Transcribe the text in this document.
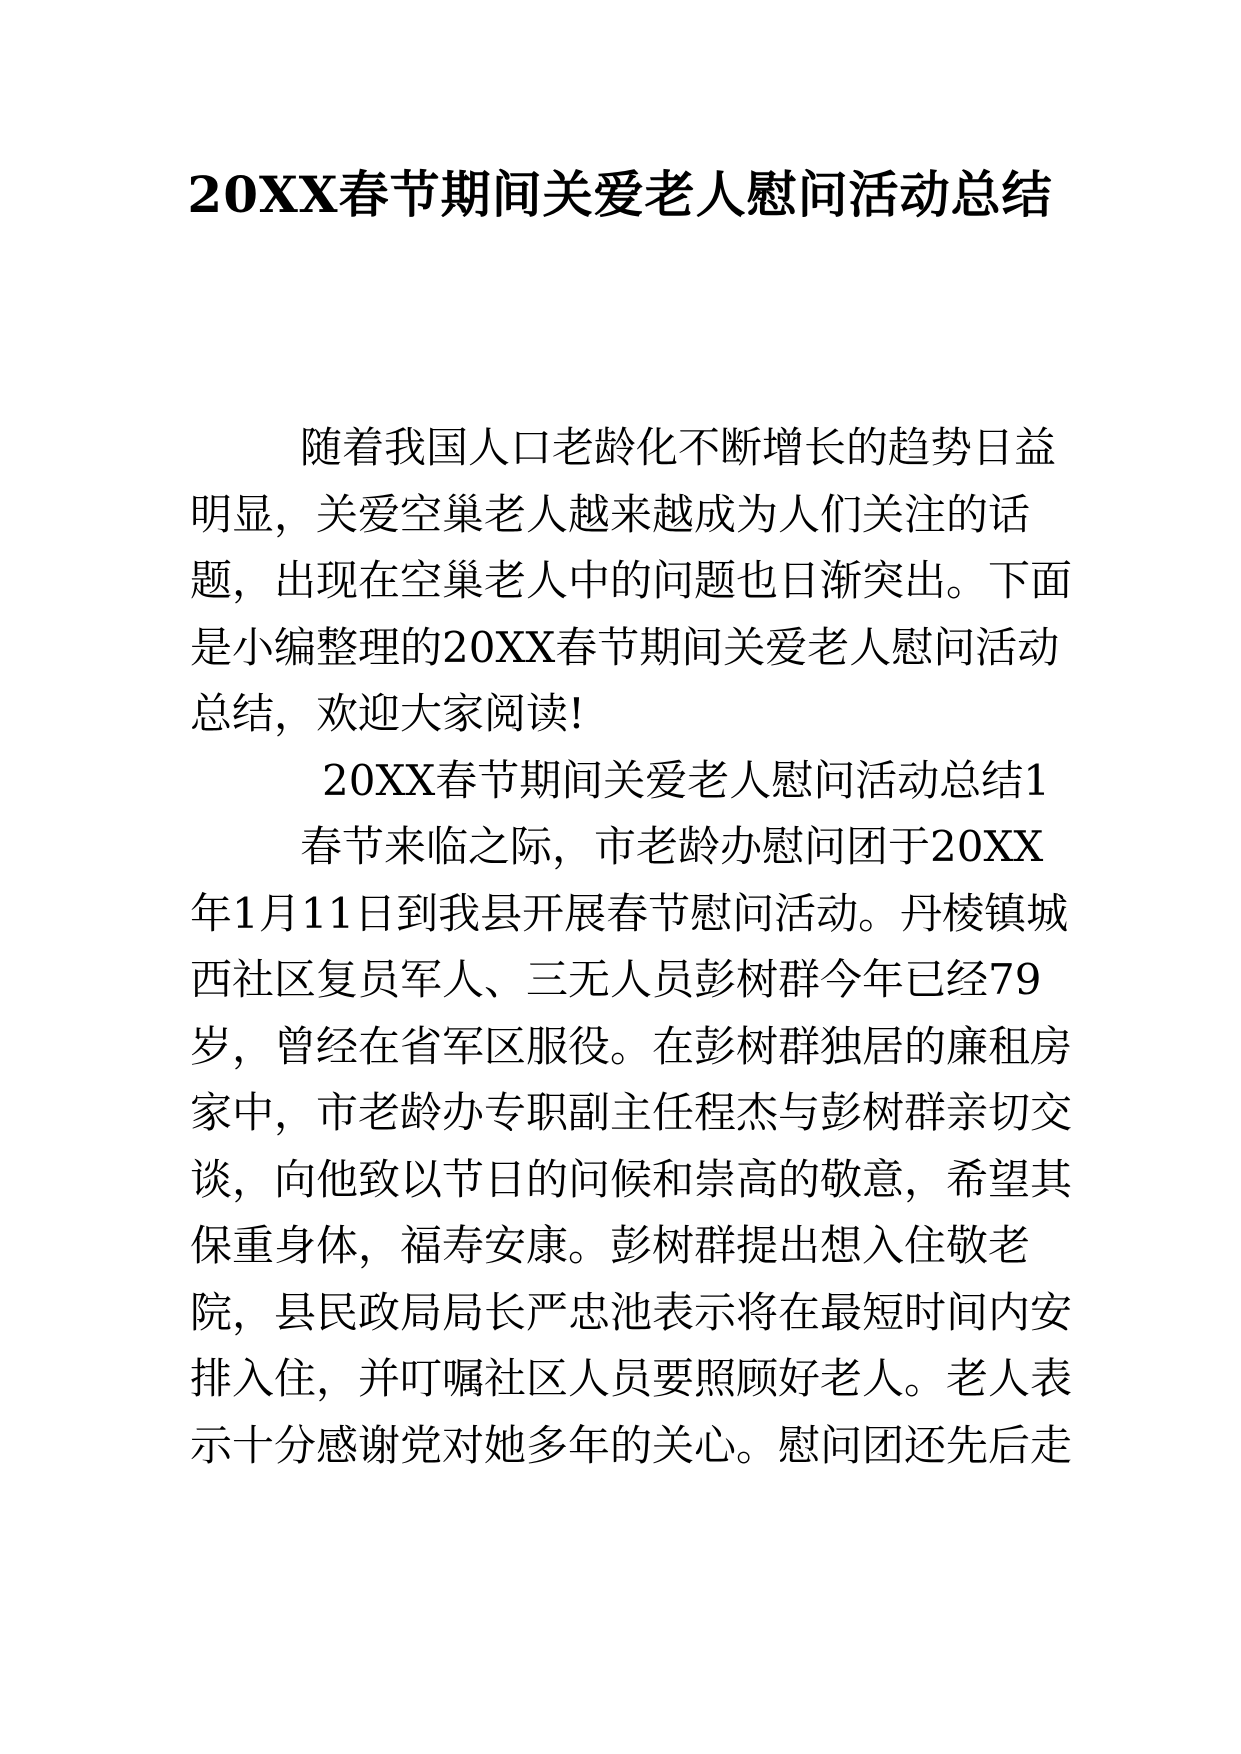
20XX春节期间关爱老人慰问活动总结

随着我国人口老龄化不断增长的趋势日益明显，关爱空巢老人越来越成为人们关注的话题，出现在空巢老人中的问题也日渐突出。下面是小编整理的20XX春节期间关爱老人慰问活动总结，欢迎大家阅读!

20XX春节期间关爱老人慰问活动总结1

春节来临之际，市老龄办慰问团于20XX年1月11日到我县开展春节慰问活动。丹棱镇城西社区复员军人、三无人员彭树群今年已经79岁，曾经在省军区服役。在彭树群独居的廉租房家中，市老龄办专职副主任程杰与彭树群亲切交谈，向他致以节日的问候和崇高的敬意，希望其保重身体，福寿安康。彭树群提出想入住敬老院，县民政局局长严忠池表示将在最短时间内安排入住，并叮嘱社区人员要照顾好老人。老人表示十分感谢党对她多年的关心。慰问团还先后走
